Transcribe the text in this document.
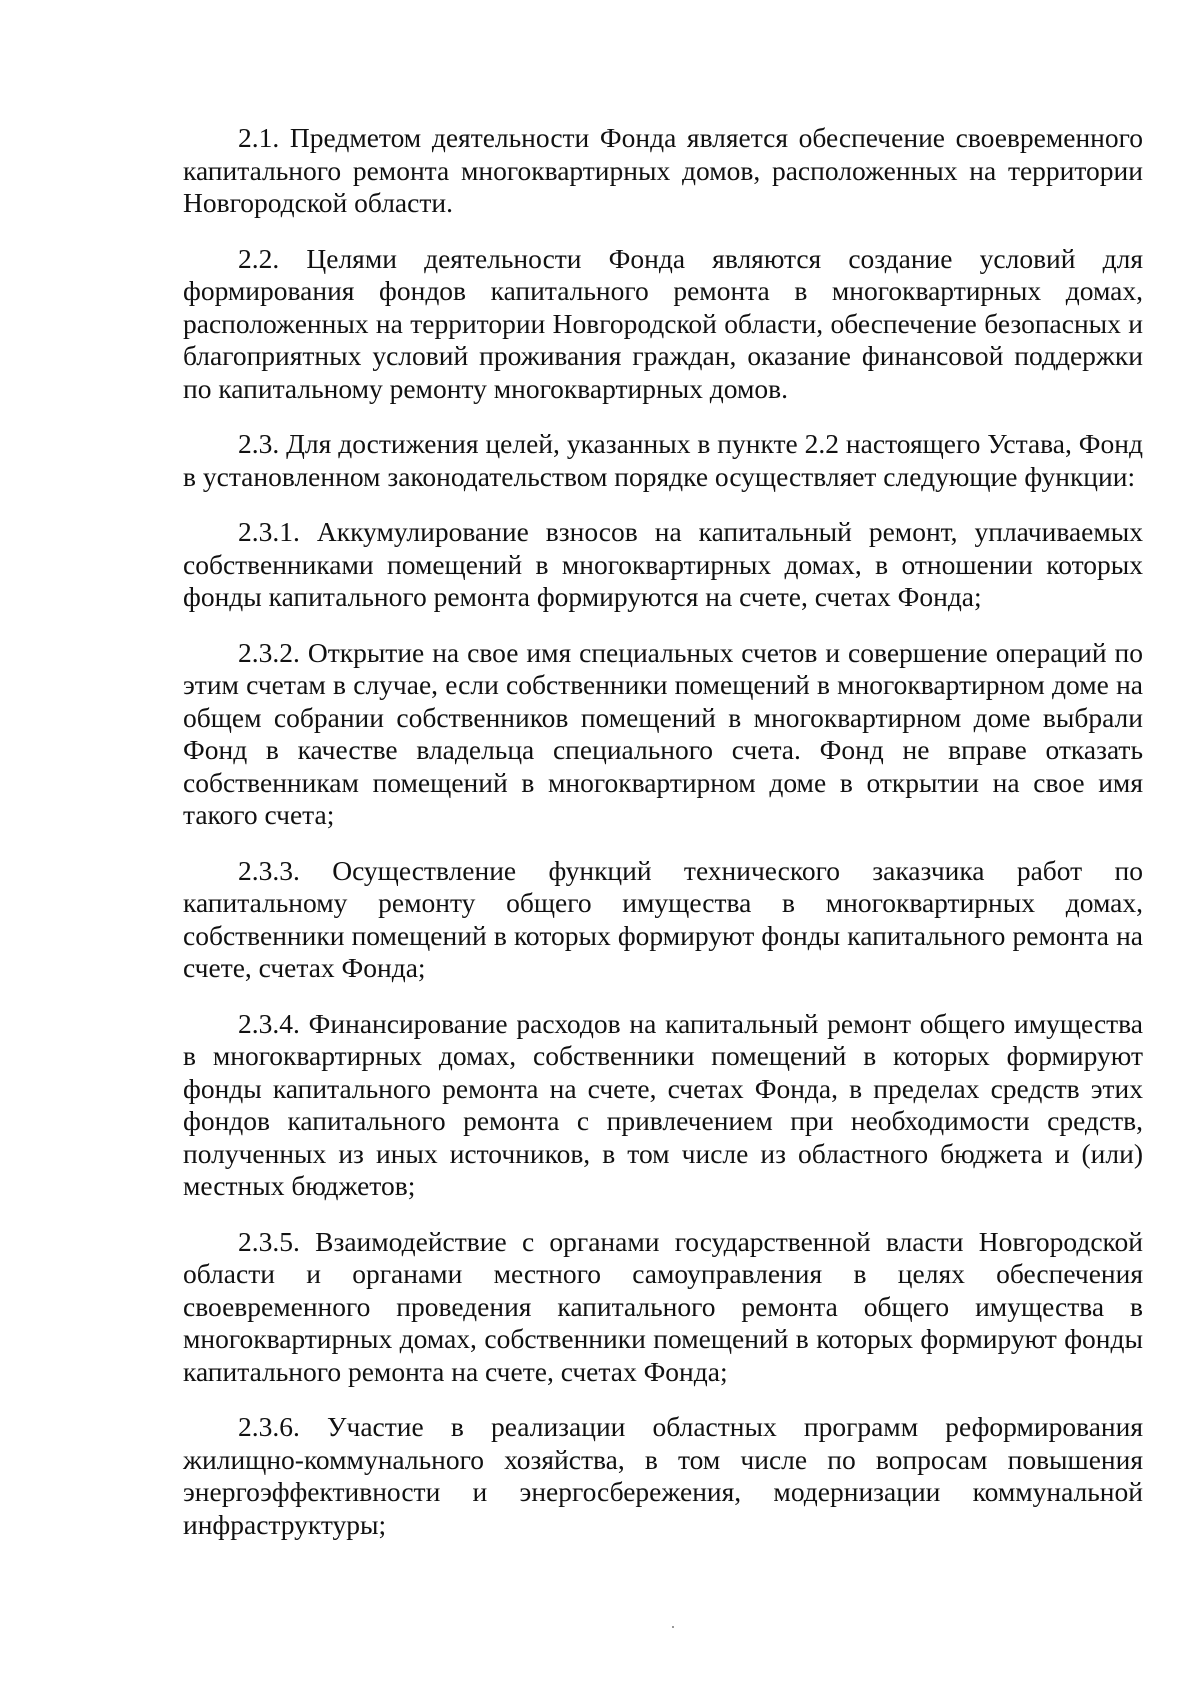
2.1. Предметом деятельности Фонда является обеспечение своевременного капитального ремонта многоквартирных домов, расположенных на территории Новгородской области.

2.2. Целями деятельности Фонда являются создание условий для формирования фондов капитального ремонта в многоквартирных домах, расположенных на территории Новгородской области, обеспечение безопасных и благоприятных условий проживания граждан, оказание финансовой поддержки по капитальному ремонту многоквартирных домов.

2.3. Для достижения целей, указанных в пункте 2.2 настоящего Устава, Фонд в установленном законодательством порядке осуществляет следующие функции:

2.3.1. Аккумулирование взносов на капитальный ремонт, уплачиваемых собственниками помещений в многоквартирных домах, в отношении которых фонды капитального ремонта формируются на счете, счетах Фонда;

2.3.2. Открытие на свое имя специальных счетов и совершение операций по этим счетам в случае, если собственники помещений в многоквартирном доме на общем собрании собственников помещений в многоквартирном доме выбрали Фонд в качестве владельца специального счета. Фонд не вправе отказать собственникам помещений в многоквартирном доме в открытии на свое имя такого счета;

2.3.3. Осуществление функций технического заказчика работ по капитальному ремонту общего имущества в многоквартирных домах, собственники помещений в которых формируют фонды капитального ремонта на счете, счетах Фонда;

2.3.4. Финансирование расходов на капитальный ремонт общего имущества в многоквартирных домах, собственники помещений в которых формируют фонды капитального ремонта на счете, счетах Фонда, в пределах средств этих фондов капитального ремонта с привлечением при необходимости средств, полученных из иных источников, в том числе из областного бюджета и (или) местных бюджетов;

2.3.5. Взаимодействие с органами государственной власти Новгородской области и органами местного самоуправления в целях обеспечения своевременного проведения капитального ремонта общего имущества в многоквартирных домах, собственники помещений в которых формируют фонды капитального ремонта на счете, счетах Фонда;

2.3.6. Участие в реализации областных программ реформирования жилищно-коммунального хозяйства, в том числе по вопросам повышения энергоэффективности и энергосбережения, модернизации коммунальной инфраструктуры;
